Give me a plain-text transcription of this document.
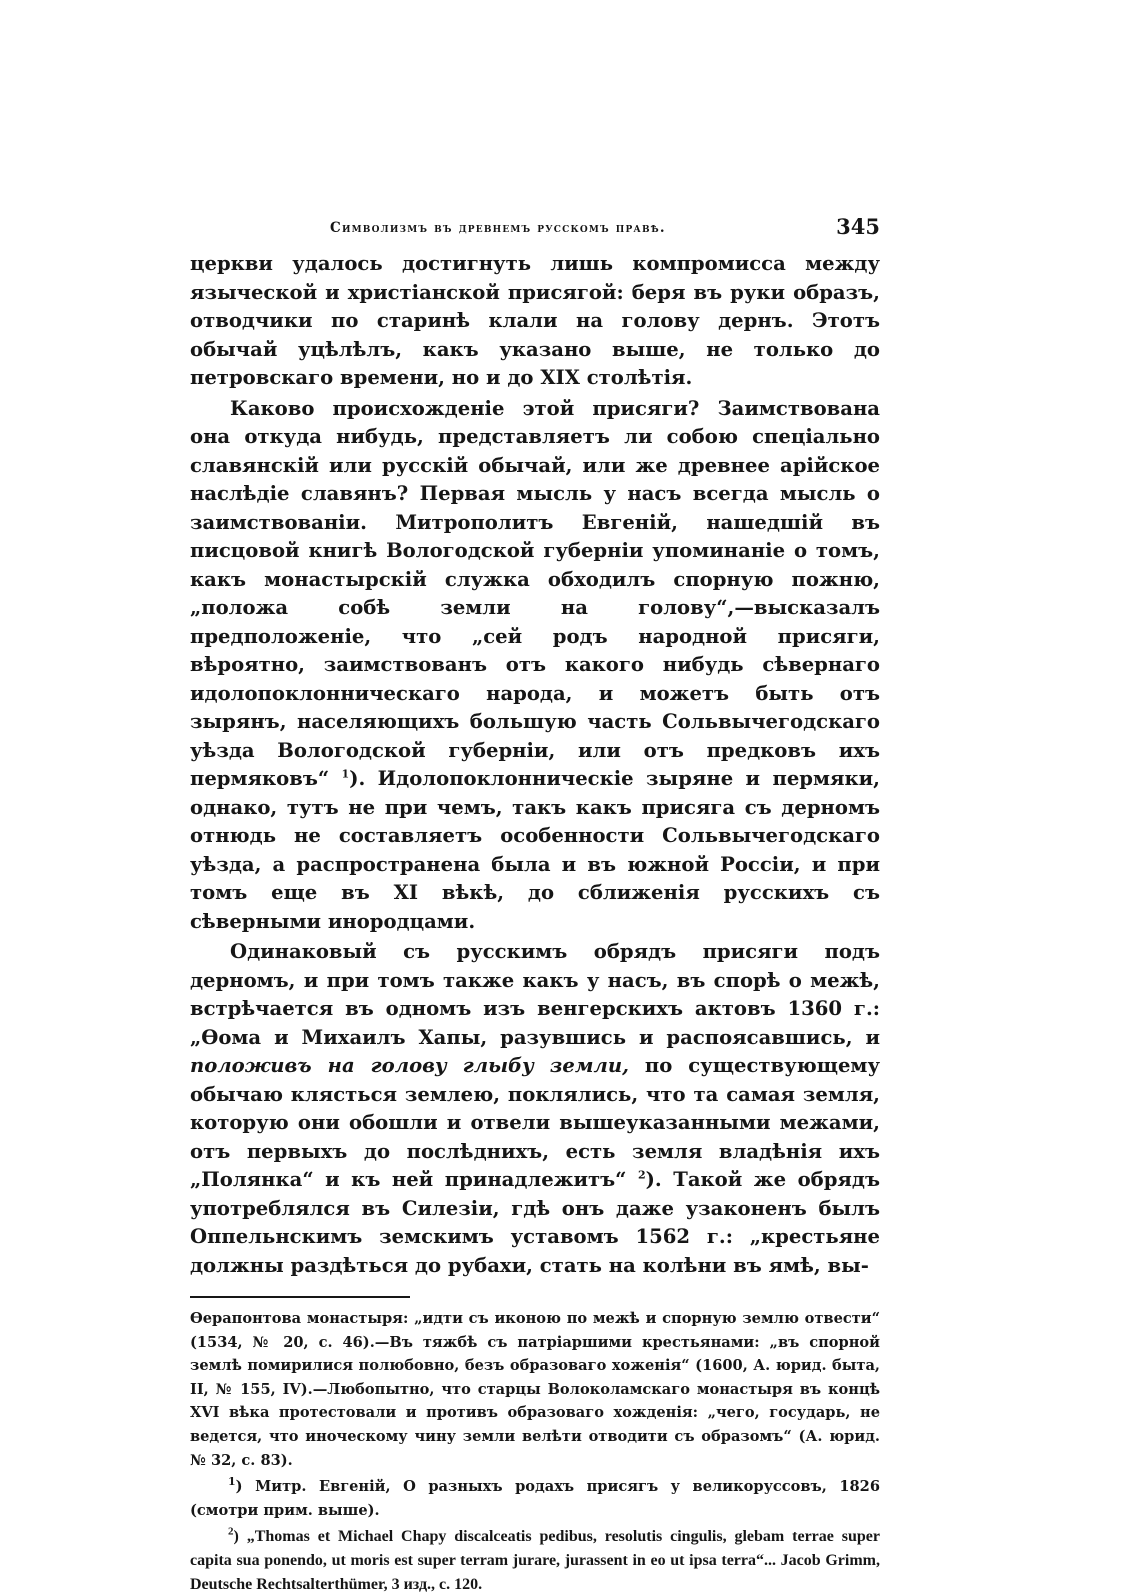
Символизмъ въ древнемъ русскомъ правѣ.	345

церкви удалось достигнуть лишь компромисса между языческой и христіанской присягой: беря въ руки образъ, отводчики по старинѣ клали на голову дернъ. Этотъ обычай уцѣлѣлъ, какъ указано выше, не только до петровскаго времени, но и до XIX столѣтія.

Каково происхожденіе этой присяги? Заимствована она откуда нибудь, представляетъ ли собою спеціально славянскій или русскій обычай, или же древнее арійское наслѣдіе славянъ? Первая мысль у насъ всегда мысль о заимствованіи. Митрополитъ Евгеній, нашедшій въ писцовой книгѣ Вологодской губерніи упоминаніе о томъ, какъ монастырскій служка обходилъ спорную пожню, „положа собѣ земли на голову“,—высказалъ предположеніе, что „сей родъ народной присяги, вѣроятно, заимствованъ отъ какого нибудь сѣвернаго идолопоклонническаго народа, и можетъ быть отъ зырянъ, населяющихъ большую часть Сольвычегодскаго уѣзда Вологодской губерніи, или отъ предковъ ихъ пермяковъ“ $^1$). Идолопоклонническіе зыряне и пермяки, однако, тутъ не при чемъ, такъ какъ присяга съ дерномъ отнюдь не составляетъ особенности Сольвычегодскаго уѣзда, а распространена была и въ южной Россіи, и при томъ еще въ XI вѣкѣ, до сближенія русскихъ съ сѣверными инородцами.

Одинаковый съ русскимъ обрядъ присяги подъ дерномъ, и при томъ также какъ у насъ, въ спорѣ о межѣ, встрѣчается въ одномъ изъ венгерскихъ актовъ 1360 г.: „Ѳома и Михаилъ Хапы, разувшись и распоясавшись, и положивъ на голову глыбу земли, по существующему обычаю клясться землею, поклялись, что та самая земля, которую они обошли и отвели вышеуказанными межами, отъ первыхъ до послѣднихъ, есть земля владѣнія ихъ „Полянка“ и къ ней принадлежитъ“ $^2$). Такой же обрядъ употреблялся въ Силезіи, гдѣ онъ даже узаконенъ былъ Оппельнскимъ земскимъ уставомъ 1562 г.: „крестьяне должны раздѣться до рубахи, стать на колѣни въ ямѣ, вы-

Ѳерапонтова монастыря: „идти съ иконою по межѣ и спорную землю отвести“ (1534, № 20, с. 46).—Въ тяжбѣ съ патріаршими крестьянами: „въ спорной землѣ помирилися полюбовно, безъ образоваго хоженія“ (1600, А. юрид. быта, II, № 155, IV).—Любопытно, что старцы Волоколамскаго монастыря въ концѣ XVI вѣка протестовали и противъ образоваго хожденія: „чего, государь, не ведется, что иноческому чину земли велѣти отводити съ образомъ“ (А. юрид. № 32, с. 83).

$^1$) Митр. Евгеній, О разныхъ родахъ присягъ у великоруссовъ, 1826 (смотри прим. выше).

$^2$) „Thomas et Michael Chapy discalceatis pedibus, resolutis cingulis, glebam terrae super capita sua ponendo, ut moris est super terram jurare, jurassent in eo ut ipsa terra“... Jacob Grimm, Deutsche Rechtsalterthümer, 3 изд., с. 120.
